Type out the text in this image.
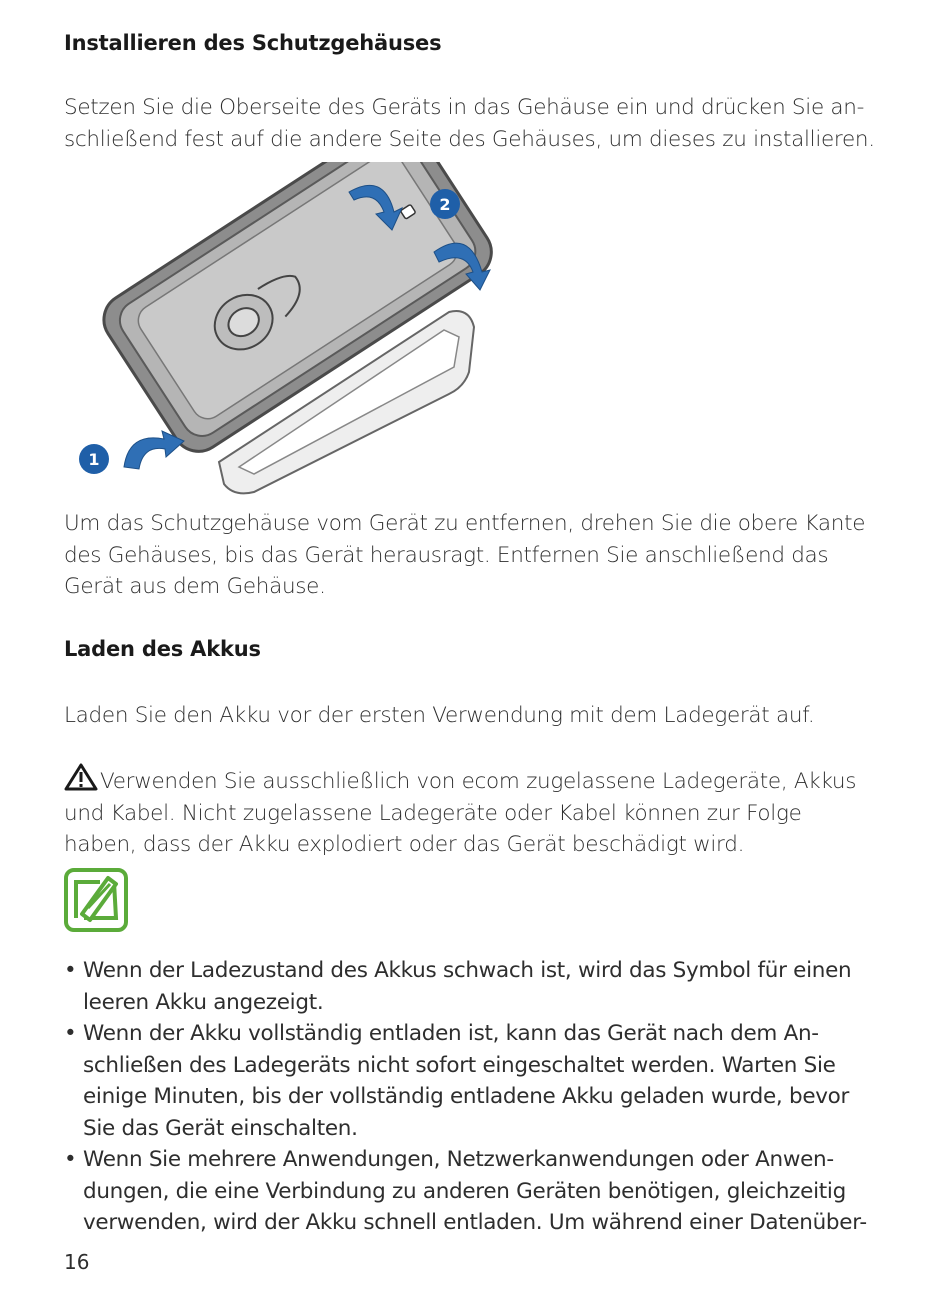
Installieren des Schutzgehäuses

Setzen Sie die Oberseite des Geräts in das Gehäuse ein und drücken Sie an-
schließend fest auf die andere Seite des Gehäuses, um dieses zu installieren.

2
1

Um das Schutzgehäuse vom Gerät zu entfernen, drehen Sie die obere Kante
des Gehäuses, bis das Gerät herausragt. Entfernen Sie anschließend das
Gerät aus dem Gehäuse.

Laden des Akkus

Laden Sie den Akku vor der ersten Verwendung mit dem Ladegerät auf.

Verwenden Sie ausschließlich von ecom zugelassene Ladegeräte, Akkus
und Kabel. Nicht zugelassene Ladegeräte oder Kabel können zur Folge
haben, dass der Akku explodiert oder das Gerät beschädigt wird.

• Wenn der Ladezustand des Akkus schwach ist, wird das Symbol für einen
leeren Akku angezeigt.
• Wenn der Akku vollständig entladen ist, kann das Gerät nach dem An-
schließen des Ladegeräts nicht sofort eingeschaltet werden. Warten Sie
einige Minuten, bis der vollständig entladene Akku geladen wurde, bevor
Sie das Gerät einschalten.
• Wenn Sie mehrere Anwendungen, Netzwerkanwendungen oder Anwen-
dungen, die eine Verbindung zu anderen Geräten benötigen, gleichzeitig
verwenden, wird der Akku schnell entladen. Um während einer Datenüber-
16
